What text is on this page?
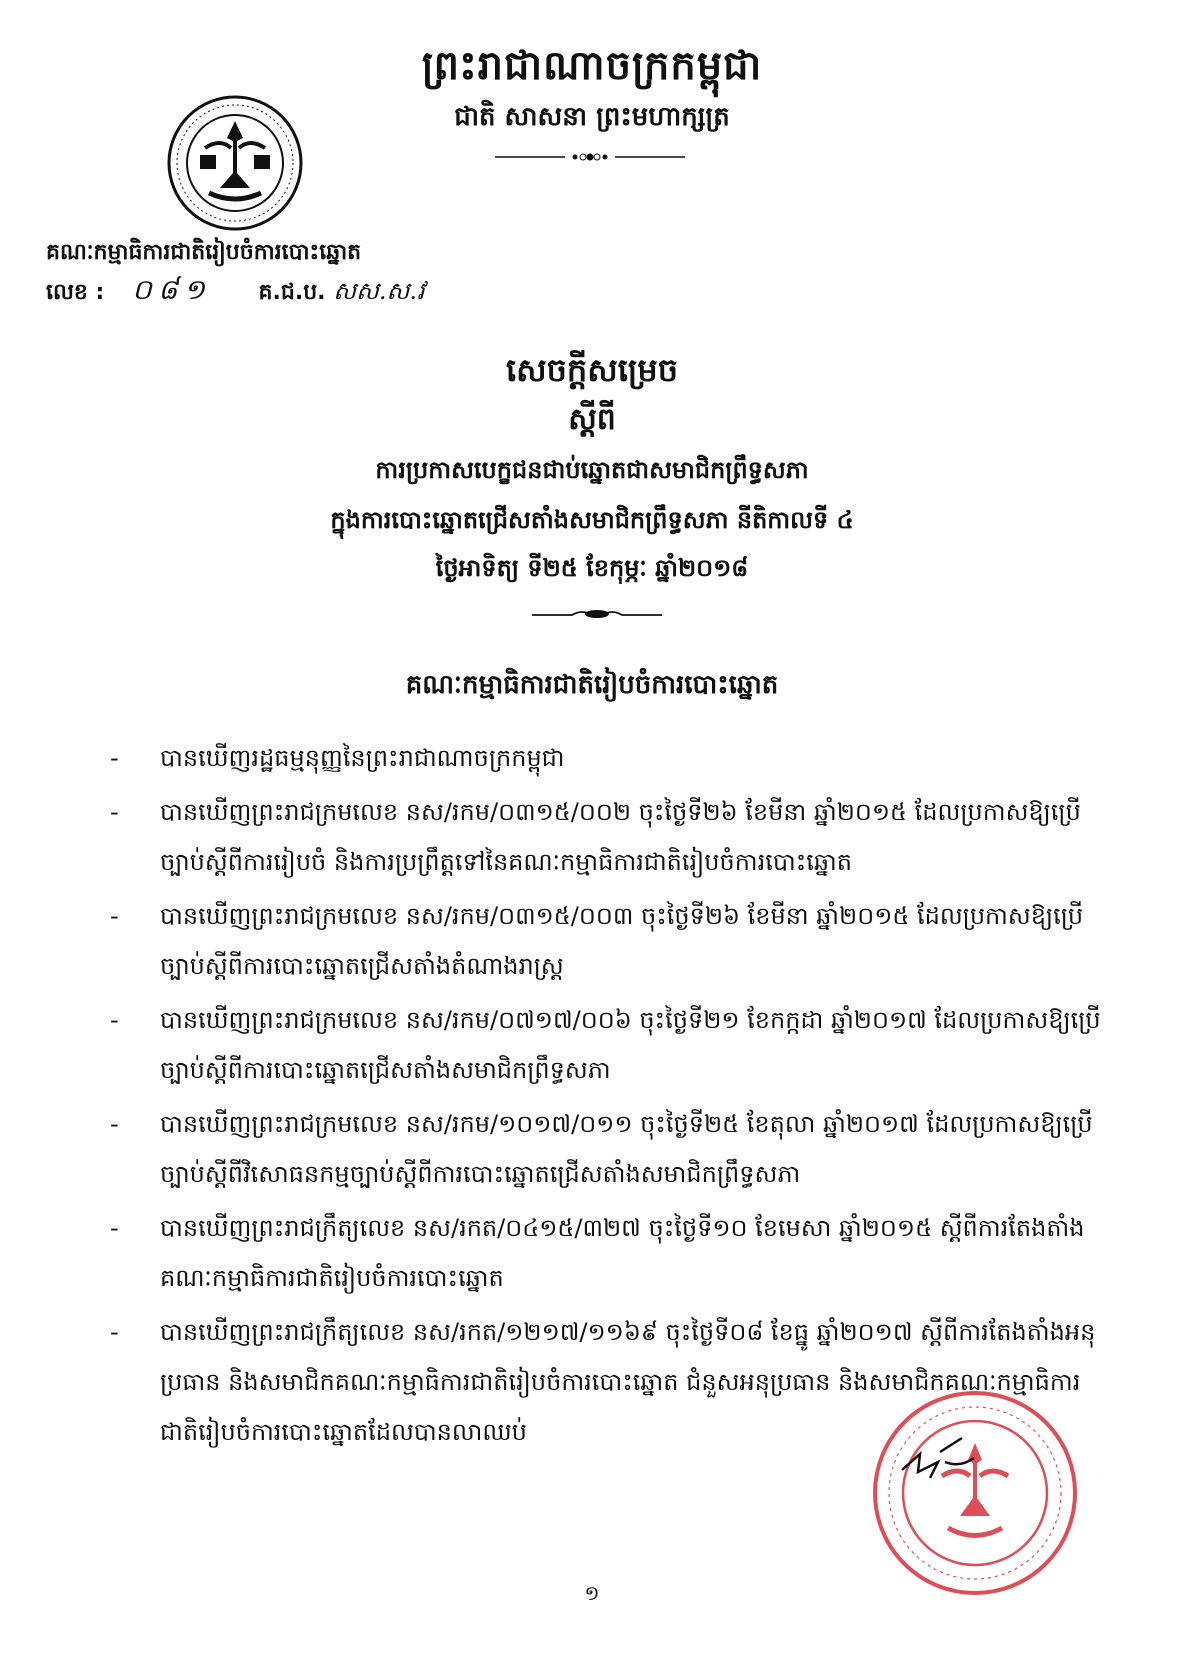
ព្រះរាជាណាចក្រកម្ពុជា
ជាតិ សាសនា ព្រះមហាក្សត្រ
គណៈកម្មាធិការជាតិរៀបចំការបោះឆ្នោត
លេខ : ០៨១ គ.ជ.ប. សស.ស.វ
សេចក្ដីសម្រេច
ស្ដីពី
ការប្រកាសបេក្ខជនជាប់ឆ្នោតជាសមាជិកព្រឹទ្ធសភា
ក្នុងការបោះឆ្នោតជ្រើសតាំងសមាជិកព្រឹទ្ធសភា នីតិកាលទី ៤
ថ្ងៃអាទិត្យ ទី២៥ ខែកុម្ភៈ ឆ្នាំ២០១៨
គណៈកម្មាធិការជាតិរៀបចំការបោះឆ្នោត
- បានឃើញរដ្ឋធម្មនុញ្ញនៃព្រះរាជាណាចក្រកម្ពុជា
- បានឃើញព្រះរាជក្រមលេខ នស/រកម/០៣១៥/០០២ ចុះថ្ងៃទី២៦ ខែមីនា ឆ្នាំ២០១៥ ដែលប្រកាសឱ្យប្រើច្បាប់ស្ដីពីការរៀបចំ និងការប្រព្រឹត្តទៅនៃគណៈកម្មាធិការជាតិរៀបចំការបោះឆ្នោត
- បានឃើញព្រះរាជក្រមលេខ នស/រកម/០៣១៥/០០៣ ចុះថ្ងៃទី២៦ ខែមីនា ឆ្នាំ២០១៥ ដែលប្រកាសឱ្យប្រើច្បាប់ស្ដីពីការបោះឆ្នោតជ្រើសតាំងតំណាងរាស្ត្រ
- បានឃើញព្រះរាជក្រមលេខ នស/រកម/០៧១៧/០០៦ ចុះថ្ងៃទី២១ ខែកក្កដា ឆ្នាំ២០១៧ ដែលប្រកាសឱ្យប្រើច្បាប់ស្ដីពីការបោះឆ្នោតជ្រើសតាំងសមាជិកព្រឹទ្ធសភា
- បានឃើញព្រះរាជក្រមលេខ នស/រកម/១០១៧/០១១ ចុះថ្ងៃទី២៥ ខែតុលា ឆ្នាំ២០១៧ ដែលប្រកាសឱ្យប្រើច្បាប់ស្ដីពីវិសោធនកម្មច្បាប់ស្ដីពីការបោះឆ្នោតជ្រើសតាំងសមាជិកព្រឹទ្ធសភា
- បានឃើញព្រះរាជក្រឹត្យលេខ នស/រកត/០៤១៥/៣២៧ ចុះថ្ងៃទី១០ ខែមេសា ឆ្នាំ២០១៥ ស្ដីពីការតែងតាំងគណៈកម្មាធិការជាតិរៀបចំការបោះឆ្នោត
- បានឃើញព្រះរាជក្រឹត្យលេខ នស/រកត/១២១៧/១១៦៩ ចុះថ្ងៃទី០៨ ខែធ្នូ ឆ្នាំ២០១៧ ស្ដីពីការតែងតាំងអនុប្រធាន និងសមាជិកគណៈកម្មាធិការជាតិរៀបចំការបោះឆ្នោត ជំនួសអនុប្រធាន និងសមាជិកគណៈកម្មាធិការជាតិរៀបចំការបោះឆ្នោតដែលបានលាឈប់
១
